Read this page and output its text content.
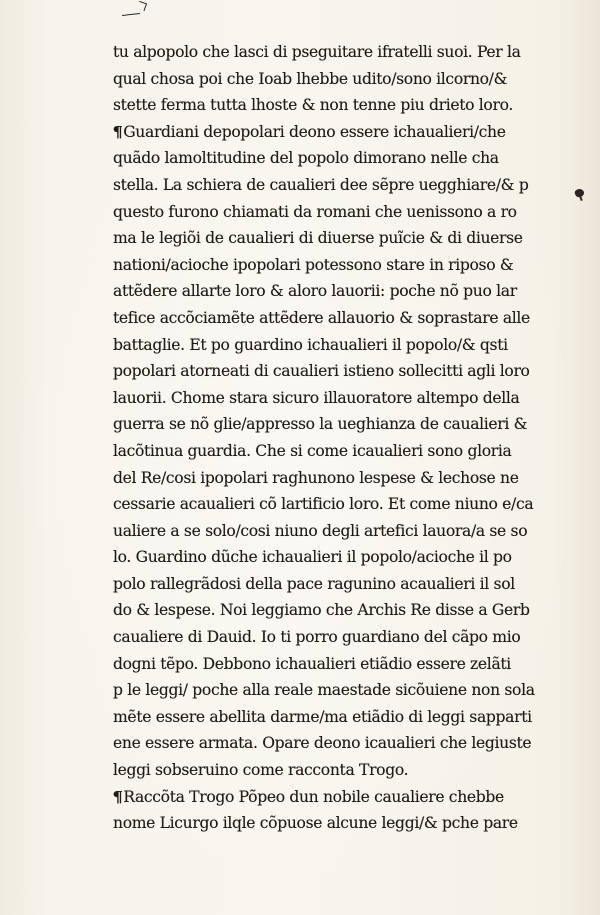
tu alpopolo che lasci di pseguitare ifratelli suoi. Per la
qual chosa poi che Ioab lhebbe udito/sono ilcorno/&
stette ferma tutta lhoste & non tenne piu drieto loro.
¶Guardiani depopolari deono essere ichaualieri/che
quãdo lamoltitudine del popolo dimorano nelle cha
stella. La schiera de caualieri dee sẽpre uegghiare/& p
questo furono chiamati da romani che uenissono a ro
ma le legiõi de caualieri di diuerse puĩcie & di diuerse
nationi/acioche ipopolari potessono stare in riposo &
attẽdere allarte loro & aloro lauorii: poche nõ puo lar
tefice accõciamẽte attẽdere allauorio & soprastare alle
battaglie. Et po guardino ichaualieri il popolo/& qsti
popolari atorneati di caualieri istieno sollecitti agli loro
lauorii. Chome stara sicuro illauoratore altempo della
guerra se nõ glie/appresso la ueghianza de caualieri &
lacõtinua guardia. Che si come icaualieri sono gloria
del Re/cosi ipopolari raghunono lespese & lechose ne
cessarie acaualieri cõ lartificio loro. Et come niuno e/ca
ualiere a se solo/cosi niuno degli artefici lauora/a se so
lo. Guardino dũche ichaualieri il popolo/acioche il po
polo rallegrãdosi della pace ragunino acaualieri il sol
do & lespese. Noi leggiamo che Archis Re disse a Gerb
caualiere di Dauid. Io ti porro guardiano del cãpo mio
dogni tẽpo. Debbono ichaualieri etiãdio essere zelãti
p le leggi/ poche alla reale maestade sicõuiene non sola
mẽte essere abellita darme/ma etiãdio di leggi sapparti
ene essere armata. Opare deono icaualieri che legiuste
leggi sobseruino come racconta Trogo.
¶Raccõta Trogo Põpeo dun nobile caualiere chebbe
nome Licurgo ilqle cõpuose alcune leggi/& pche pare
